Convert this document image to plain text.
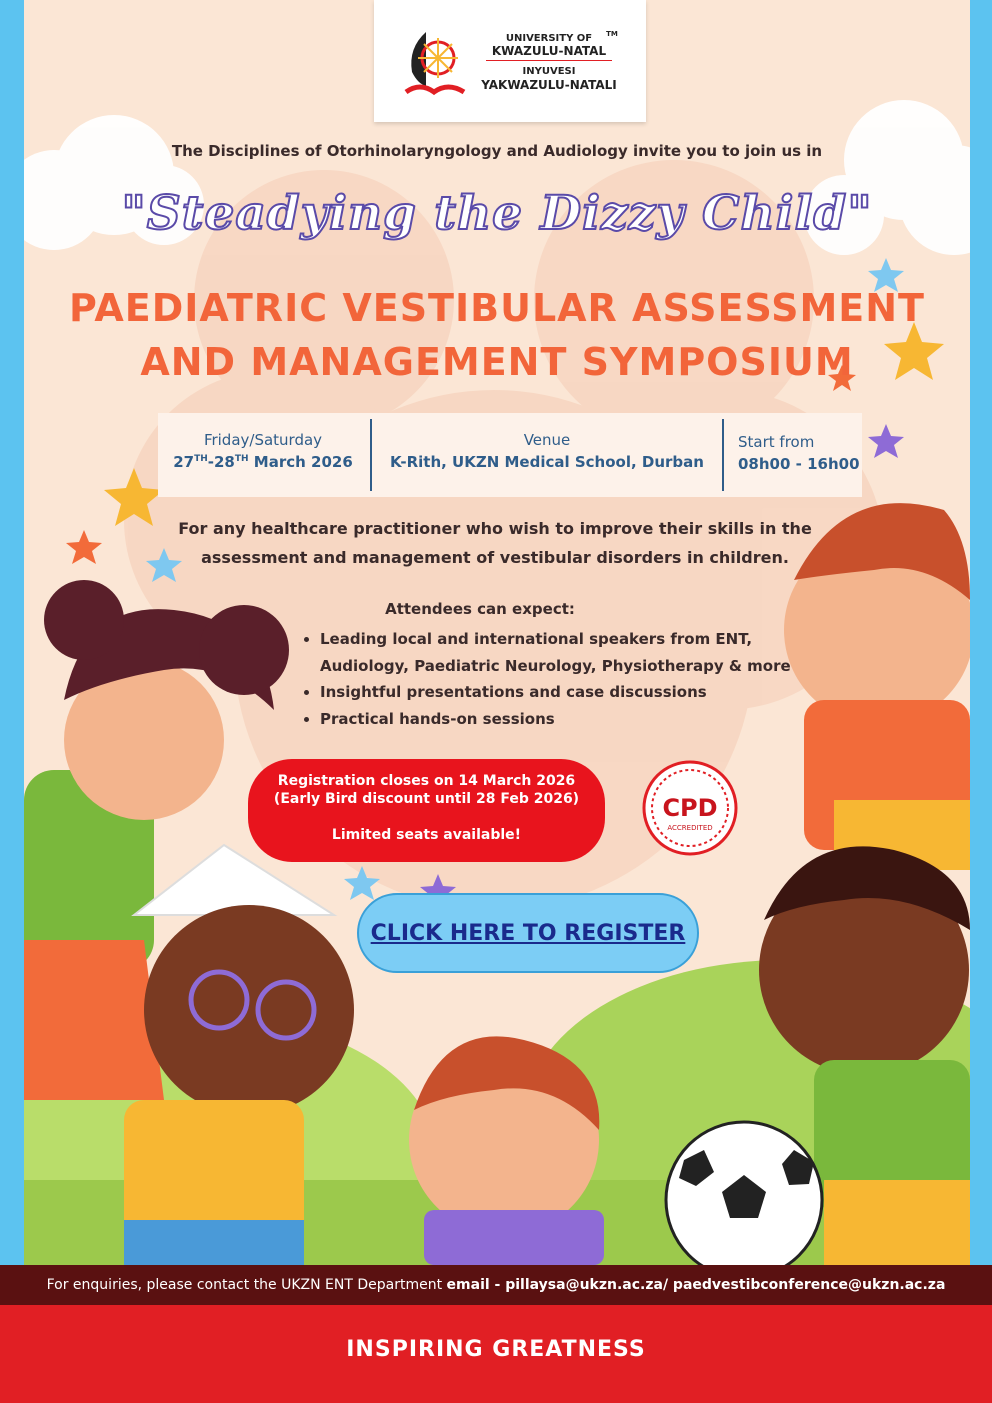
UNIVERSITY OF
KWAZULU-NATAL
INYUVESI
YAKWAZULU-NATALI
TM
The Disciplines of Otorhinolaryngology and Audiology invite you to join us in
"Steadying the Dizzy Child"
PAEDIATRIC VESTIBULAR ASSESSMENT
AND MANAGEMENT SYMPOSIUM
Friday/Saturday
27TH-28TH March 2026
Venue
K-Rith, UKZN Medical School, Durban
Start from
08h00 - 16h00
For any healthcare practitioner who wish to improve their skills in the assessment and management of vestibular disorders in children.
Attendees can expect:
• Leading local and international speakers from ENT, Audiology, Paediatric Neurology, Physiotherapy & more
• Insightful presentations and case discussions
• Practical hands-on sessions
Registration closes on 14 March 2026
(Early Bird discount until 28 Feb 2026)
Limited seats available!
CPD
ACCREDITED
CLICK HERE TO REGISTER
For enquiries, please contact the UKZN ENT Department email - pillaysa@ukzn.ac.za/ paedvestibconference@ukzn.ac.za
INSPIRING GREATNESS
